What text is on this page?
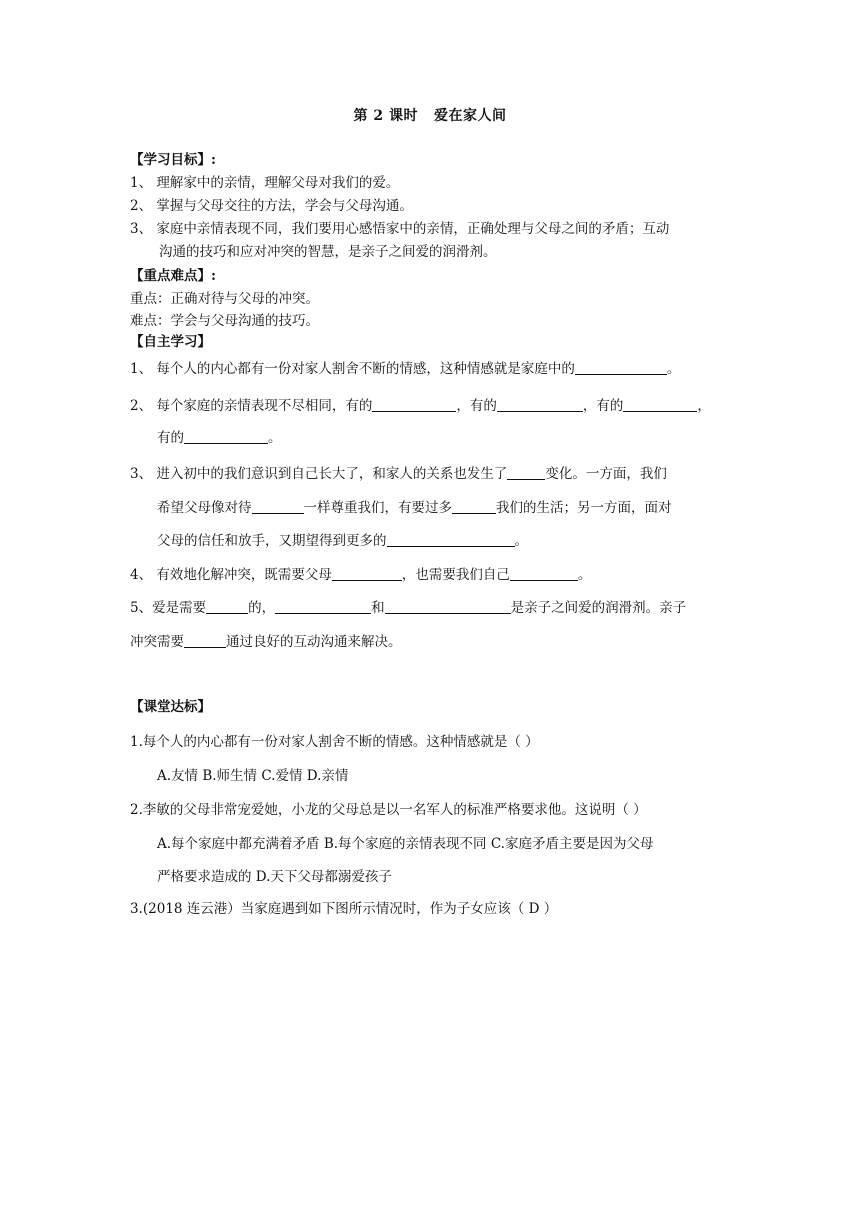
第 2 课时 爱在家人间
【学习目标】:
1、 理解家中的亲情，理解父母对我们的爱。
2、 掌握与父母交往的方法，学会与父母沟通。
3、 家庭中亲情表现不同，我们要用心感悟家中的亲情，正确处理与父母之间的矛盾；互动
沟通的技巧和应对冲突的智慧，是亲子之间爱的润滑剂。
【重点难点】:
重点：正确对待与父母的冲突。
难点：学会与父母沟通的技巧。
【自主学习】
1、 每个人的内心都有一份对家人割舍不断的情感，这种情感就是家庭中的	。
2、 每个家庭的亲情表现不尽相同，有的	，有的	，有的	，
有的	。
3、 进入初中的我们意识到自己长大了，和家人的关系也发生了	变化。一方面，我们
希望父母像对待	一样尊重我们，有要过多	我们的生活；另一方面，面对
父母的信任和放手，又期望得到更多的	。
4、 有效地化解冲突，既需要父母	，也需要我们自己	。
5、爱是需要	的，	和	是亲子之间爱的润滑剂。亲子
冲突需要	通过良好的互动沟通来解决。
【课堂达标】
1.每个人的内心都有一份对家人割舍不断的情感。这种情感就是（ ）
A.友情 B.师生情 C.爱情 D.亲情
2.李敏的父母非常宠爱她，小龙的父母总是以一名军人的标准严格要求他。这说明（ ）
A.每个家庭中都充满着矛盾 B.每个家庭的亲情表现不同 C.家庭矛盾主要是因为父母
严格要求造成的 D.天下父母都溺爱孩子
3.(2018 连云港）当家庭遇到如下图所示情况时，作为子女应该（ D ）
